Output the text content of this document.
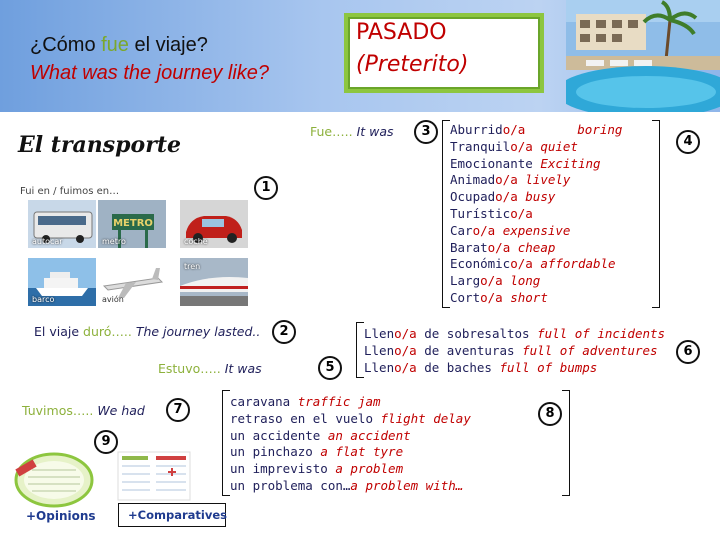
¿Cómo fue el viaje?
What was the journey like?
PASADO
(Preterito)
El transporte
Fui en / fuimos en…
autocar
METRO
metro	coche
barco	avión
tren
1
2
3
4
5
6
7	8
9
Fue….. It was
El viaje duró….. The journey lasted..
Estuvo….. It was
Tuvimos….. We had
Aburrido/a	boring
Tranquilo/a quiet
Emocionante Exciting
Animado/a lively
Ocupado/a busy
Turístico/a
Caro/a expensive
Barato/a cheap
Económico/a affordable
Largo/a long
Corto/a short
Lleno/a de sobresaltos full of incidents
Lleno/a de aventuras full of adventures
Lleno/a de baches full of bumps
caravana traffic jam
retraso en el vuelo flight delay
un accidente an accident
un pinchazo a flat tyre
un imprevisto a problem
un problema con…a problem with…
+Opinions	+Comparatives
